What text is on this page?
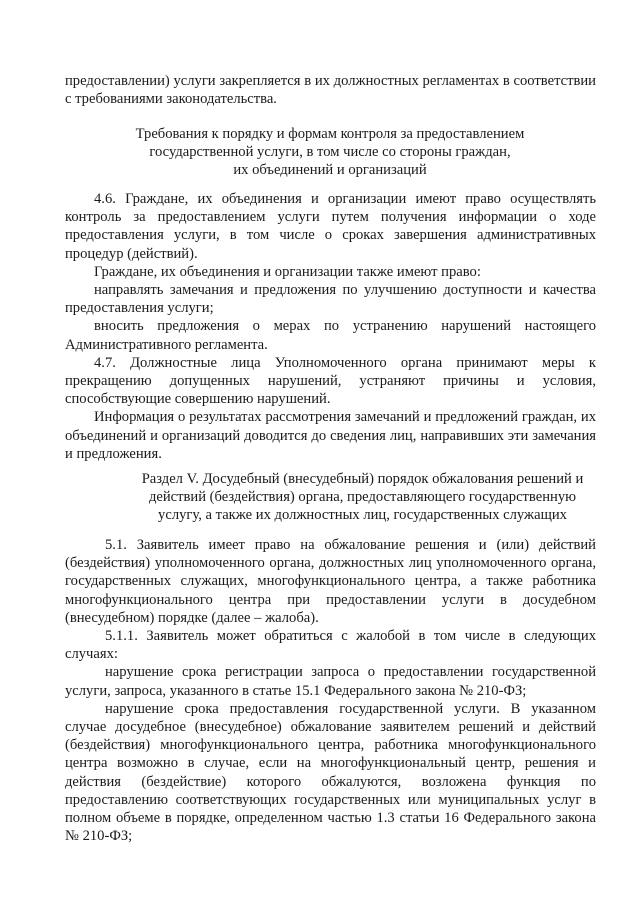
предоставлении) услуги закрепляется в их должностных регламентах в соответствии с требованиями законодательства.

Требования к порядку и формам контроля за предоставлением
государственной услуги, в том числе со стороны граждан,
их объединений и организаций

4.6. Граждане, их объединения и организации имеют право осуществлять контроль за предоставлением услуги путем получения информации о ходе предоставления услуги, в том числе о сроках завершения административных процедур (действий).

Граждане, их объединения и организации также имеют право:

направлять замечания и предложения по улучшению доступности и качества предоставления услуги;

вносить предложения о мерах по устранению нарушений настоящего Административного регламента.

4.7. Должностные лица Уполномоченного органа принимают меры к прекращению допущенных нарушений, устраняют причины и условия, способствующие совершению нарушений.

Информация о результатах рассмотрения замечаний и предложений граждан, их объединений и организаций доводится до сведения лиц, направивших эти замечания и предложения.

Раздел V. Досудебный (внесудебный) порядок обжалования решений и
действий (бездействия) органа, предоставляющего государственную
услугу, а также их должностных лиц, государственных служащих

5.1. Заявитель имеет право на обжалование решения и (или) действий (бездействия) уполномоченного органа, должностных лиц уполномоченного органа, государственных служащих, многофункционального центра, а также работника многофункционального центра при предоставлении услуги в досудебном (внесудебном) порядке (далее – жалоба).

5.1.1. Заявитель может обратиться с жалобой в том числе в следующих случаях:

нарушение срока регистрации запроса о предоставлении государственной услуги, запроса, указанного в статье 15.1 Федерального закона № 210-ФЗ;

нарушение срока предоставления государственной услуги. В указанном случае досудебное (внесудебное) обжалование заявителем решений и действий (бездействия) многофункционального центра, работника многофункционального центра возможно в случае, если на многофункциональный центр, решения и действия (бездействие) которого обжалуются, возложена функция по предоставлению соответствующих государственных или муниципальных услуг в полном объеме в порядке, определенном частью 1.3 статьи 16 Федерального закона № 210-ФЗ;
